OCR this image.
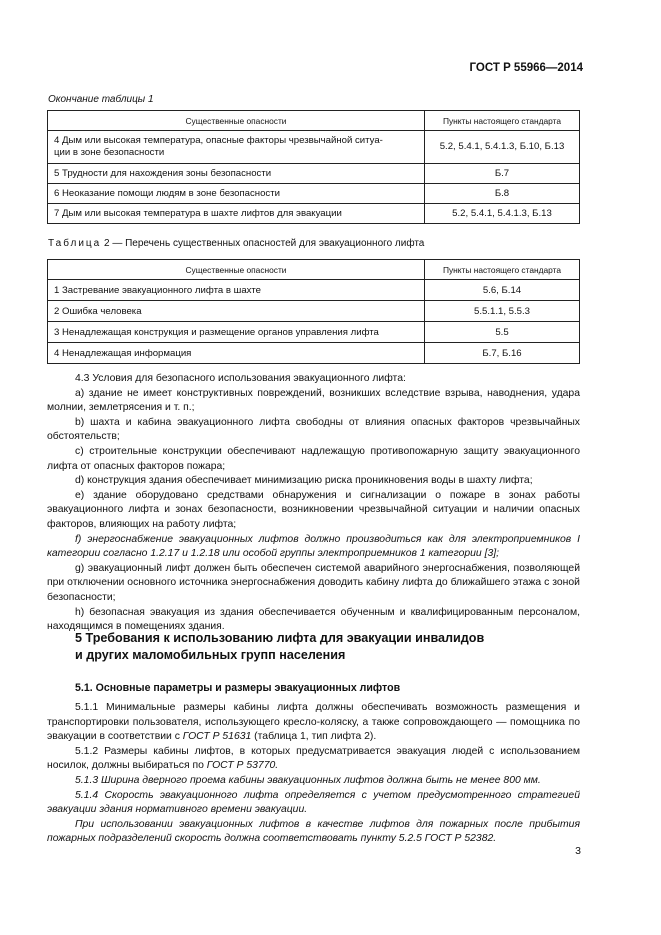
ГОСТ Р 55966—2014
Окончание таблицы 1
Существенные опасности	Пункты настоящего стандарта
4 Дым или высокая температура, опасные факторы чрезвычайной ситуа-
ции в зоне безопасности	5.2, 5.4.1, 5.4.1.3, Б.10, Б.13
5 Трудности для нахождения зоны безопасности	Б.7
6 Неоказание помощи людям в зоне безопасности	Б.8
7 Дым или высокая температура в шахте лифтов для эвакуации	5.2, 5.4.1, 5.4.1.3, Б.13
Таблица 2 — Перечень существенных опасностей для эвакуационного лифта
Существенные опасности	Пункты настоящего стандарта
1 Застревание эвакуационного лифта в шахте	5.6, Б.14
2 Ошибка человека	5.5.1.1, 5.5.3
3 Ненадлежащая конструкция и размещение органов управления лифта	5.5
4 Ненадлежащая информация	Б.7, Б.16

4.3 Условия для безопасного использования эвакуационного лифта:

а) здание не имеет конструктивных повреждений, возникших вследствие взрыва, наводнения, удара молнии, землетрясения и т. п.;

b) шахта и кабина эвакуационного лифта свободны от влияния опасных факторов чрезвычайных обстоятельств;

с) строительные конструкции обеспечивают надлежащую противопожарную защиту эвакуационного лифта от опасных факторов пожара;

d) конструкция здания обеспечивает минимизацию риска проникновения воды в шахту лифта;

е) здание оборудовано средствами обнаружения и сигнализации о пожаре в зонах работы эвакуационного лифта и зонах безопасности, возникновении чрезвычайной ситуации и наличии опасных факторов, влияющих на работу лифта;

f) энергоснабжение эвакуационных лифтов должно производиться как для электроприемников I категории согласно 1.2.17 и 1.2.18 или особой группы электроприемников 1 категории [3];

g) эвакуационный лифт должен быть обеспечен системой аварийного энергоснабжения, позволяющей при отключении основного источника энергоснабжения доводить кабину лифта до ближайшего этажа с зоной безопасности;

h) безопасная эвакуация из здания обеспечивается обученным и квалифицированным персоналом, находящимся в помещениях здания.

5 Требования к использованию лифта для эвакуации инвалидов
и других маломобильных групп населения
5.1. Основные параметры и размеры эвакуационных лифтов

5.1.1 Минимальные размеры кабины лифта должны обеспечивать возможность размещения и транспортировки пользователя, использующего кресло-коляску, а также сопровождающего — помощника по эвакуации в соответствии с ГОСТ Р 51631 (таблица 1, тип лифта 2).

5.1.2 Размеры кабины лифтов, в которых предусматривается эвакуация людей с использованием носилок, должны выбираться по ГОСТ Р 53770.

5.1.3 Ширина дверного проема кабины эвакуационных лифтов должна быть не менее 800 мм.

5.1.4 Скорость эвакуационного лифта определяется с учетом предусмотренного стратегией эвакуации здания нормативного времени эвакуации.

При использовании эвакуационных лифтов в качестве лифтов для пожарных после прибытия пожарных подразделений скорость должна соответствовать пункту 5.2.5 ГОСТ Р 52382.

3
